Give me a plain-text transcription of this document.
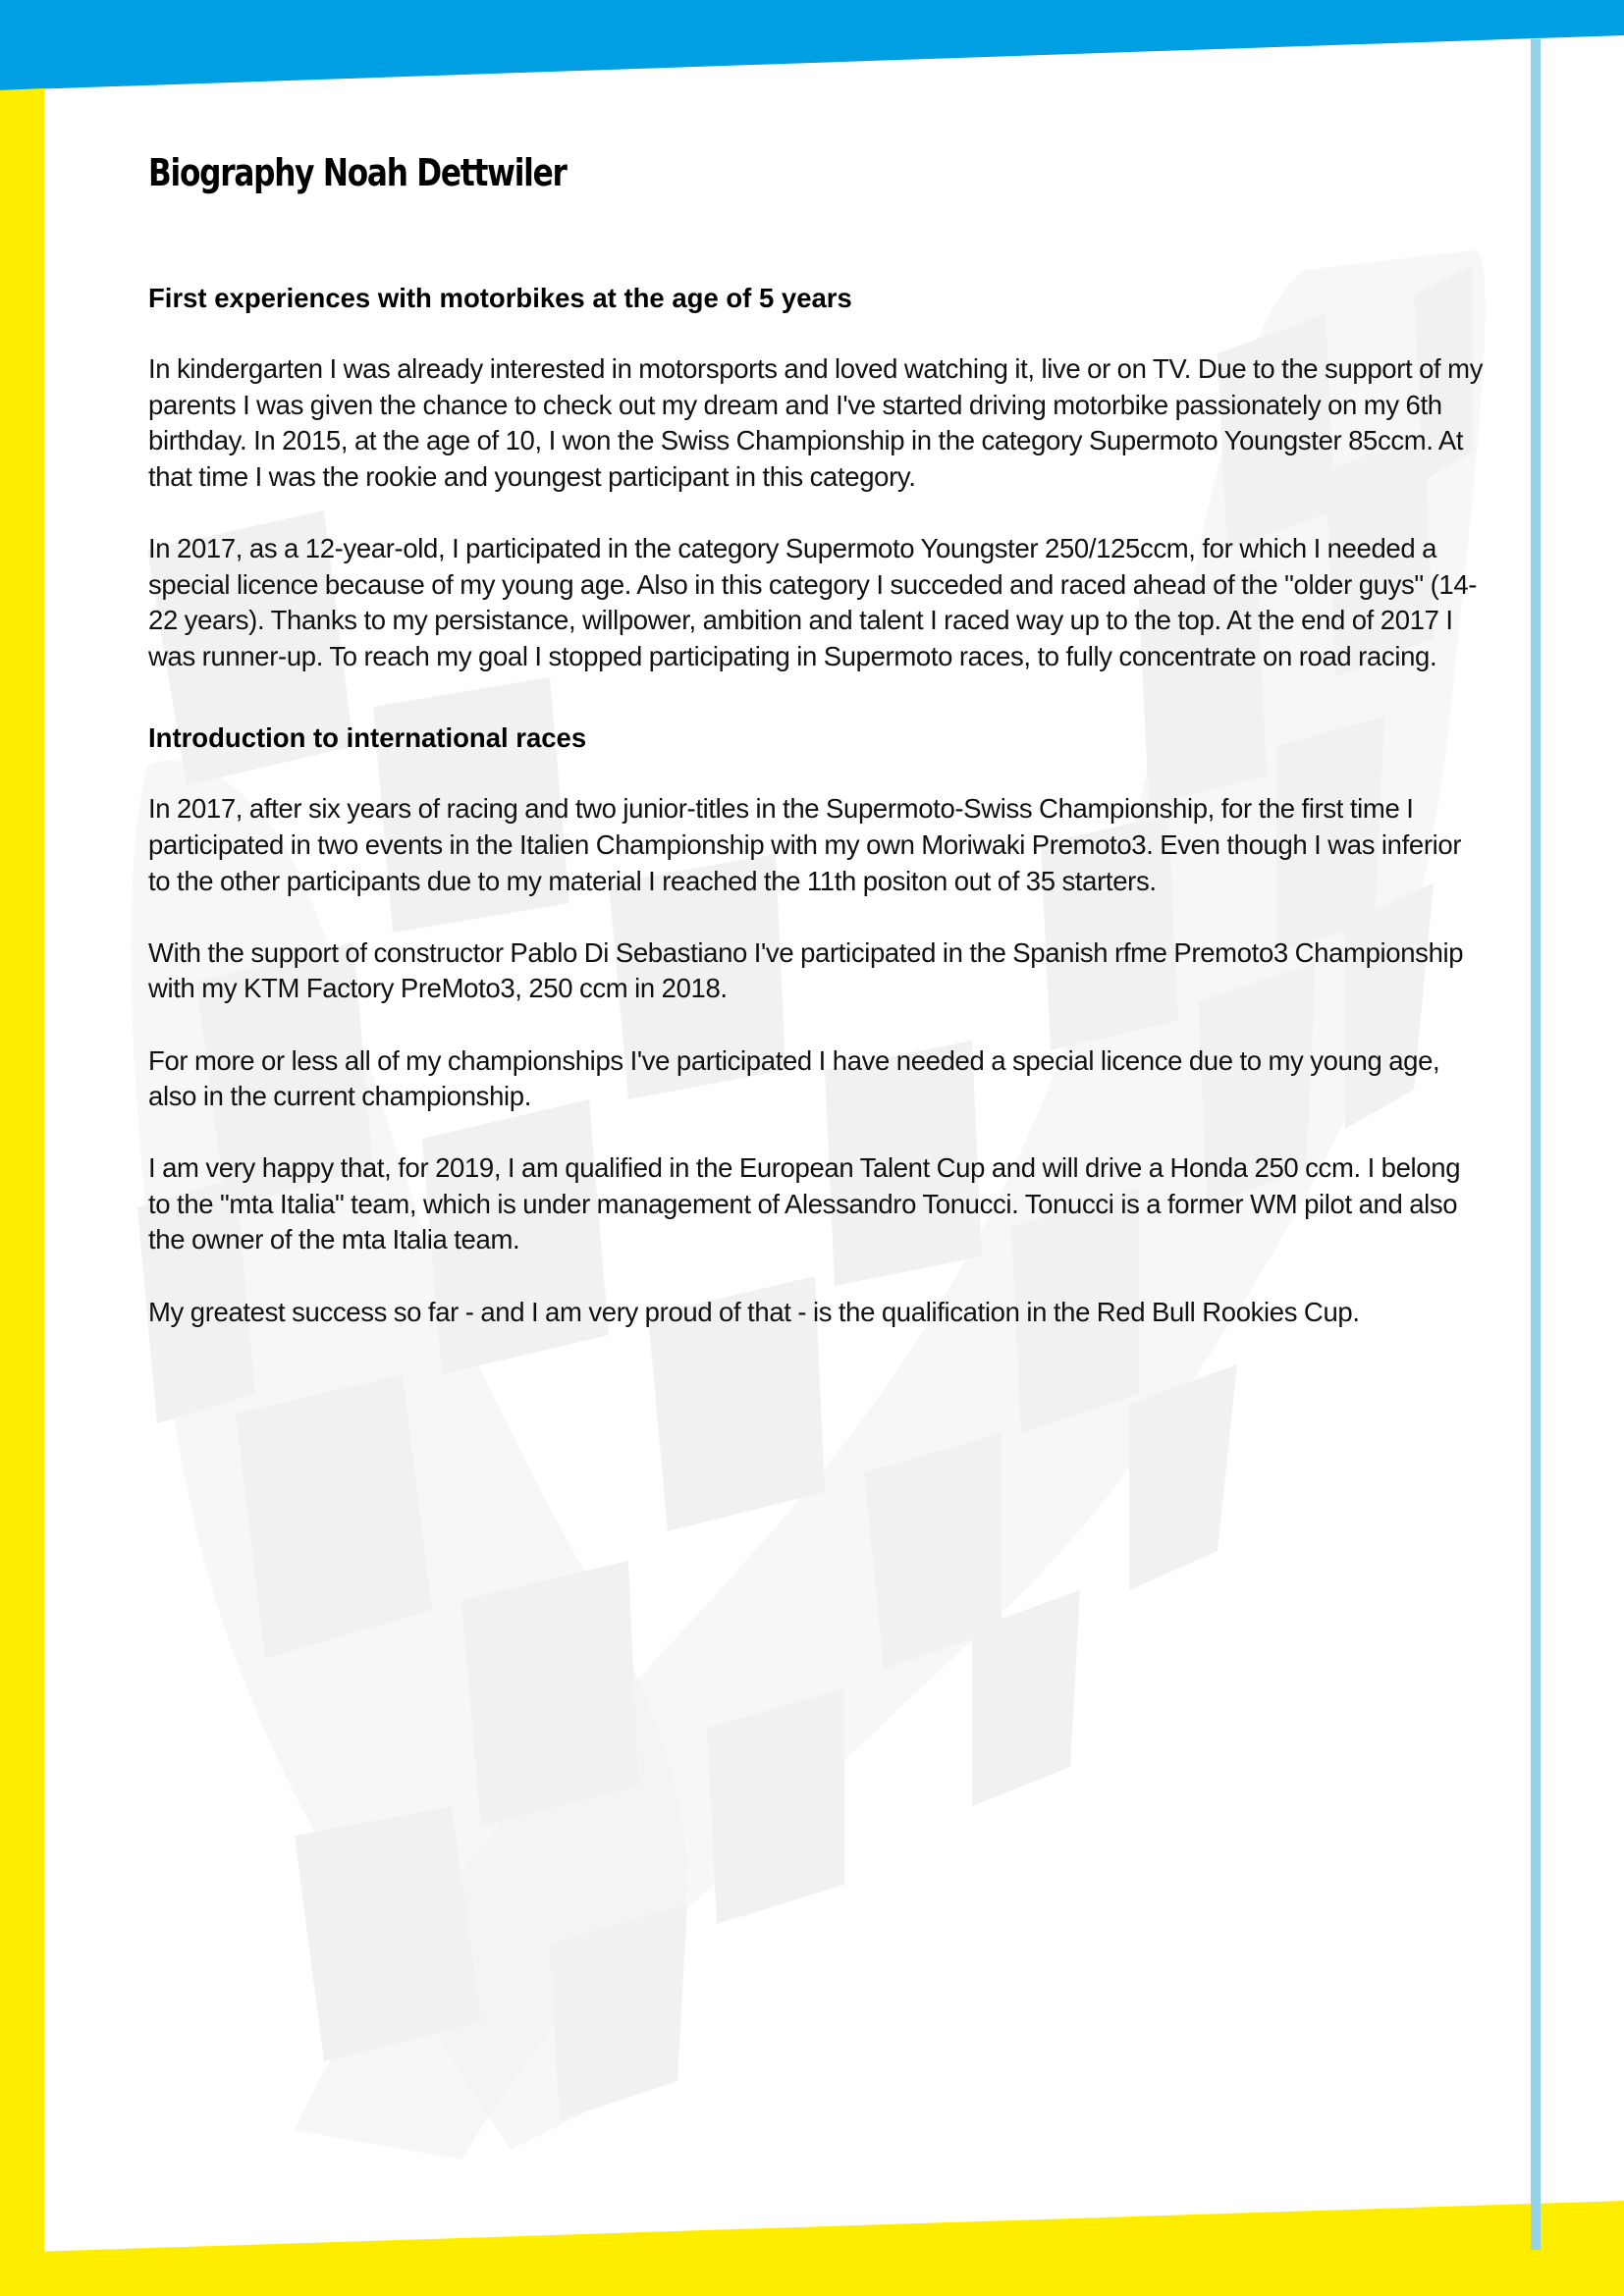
Biography Noah Dettwiler
First experiences with motorbikes at the age of 5 years

In kindergarten I was already interested in motorsports and loved watching it, live or on TV. Due to the support of my parents I was given the chance to check out my dream and I've started driving motorbike passionately on my 6th birthday. In 2015, at the age of 10, I won the Swiss Championship in the category Supermoto Youngster 85ccm. At that time I was the rookie and youngest participant in this category.

In 2017, as a 12-year-old, I participated in the category Supermoto Youngster 250/125ccm, for which I needed a special licence because of my young age. Also in this category I succeded and raced ahead of the "older guys" (14-22 years). Thanks to my persistance, willpower, ambition and talent I raced way up to the top. At the end of 2017 I was runner-up. To reach my goal I stopped participating in Supermoto races, to fully concentrate on road racing.

Introduction to international races

In 2017, after six years of racing and two junior-titles in the Supermoto-Swiss Championship, for the first time I participated in two events in the Italien Championship with my own Moriwaki Premoto3. Even though I was inferior to the other participants due to my material I reached the 11th positon out of 35 starters.

With the support of constructor Pablo Di Sebastiano I've participated in the Spanish rfme Premoto3 Championship with my KTM Factory PreMoto3, 250 ccm in 2018.

For more or less all of my championships I've participated I have needed a special licence due to my young age, also in the current championship.

I am very happy that, for 2019, I am qualified in the European Talent Cup and will drive a Honda 250 ccm. I belong to the "mta Italia" team, which is under management of Alessandro Tonucci. Tonucci is a former WM pilot and also the owner of the mta Italia team.

My greatest success so far - and I am very proud of that - is the qualification in the Red Bull Rookies Cup.
